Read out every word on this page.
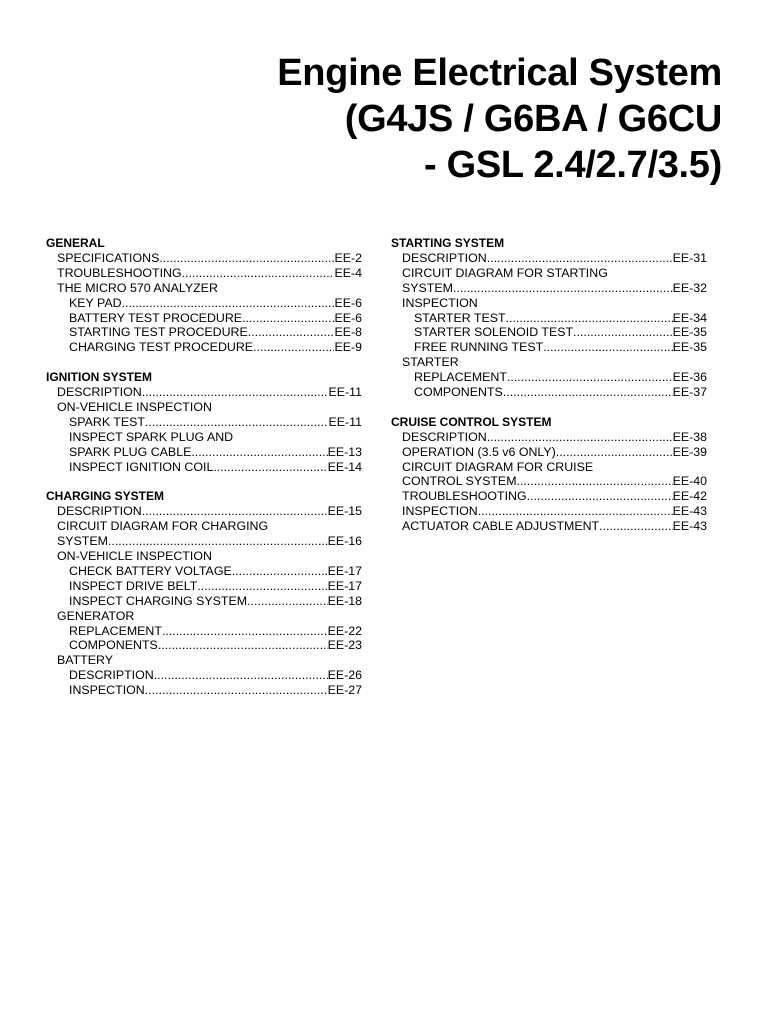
Engine Electrical System
(G4JS / G6BA / G6CU
- GSL 2.4/2.7/3.5)
GENERAL
SPECIFICATIONS .....	EE-2
TROUBLESHOOTING .....	EE-4
THE MICRO 570 ANALYZER
KEY PAD .....	EE-6
BATTERY TEST PROCEDURE .....	EE-6
STARTING TEST PROCEDURE .....	EE-8
CHARGING TEST PROCEDURE .....	EE-9
IGNITION SYSTEM
DESCRIPTION .....	EE-11
ON-VEHICLE INSPECTION
SPARK TEST .....	EE-11
INSPECT SPARK PLUG AND
SPARK PLUG CABLE .....	EE-13
INSPECT IGNITION COIL .....	EE-14
CHARGING SYSTEM
DESCRIPTION .....	EE-15
CIRCUIT DIAGRAM FOR CHARGING
SYSTEM .....	EE-16
ON-VEHICLE INSPECTION
CHECK BATTERY VOLTAGE .....	EE-17
INSPECT DRIVE BELT .....	EE-17
INSPECT CHARGING SYSTEM .....	EE-18
GENERATOR
REPLACEMENT .....	EE-22
COMPONENTS .....	EE-23
BATTERY
DESCRIPTION .....	EE-26
INSPECTION .....	EE-27
STARTING SYSTEM
DESCRIPTION .....	EE-31
CIRCUIT DIAGRAM FOR STARTING
SYSTEM .....	EE-32
INSPECTION
STARTER TEST .....	EE-34
STARTER SOLENOID TEST .....	EE-35
FREE RUNNING TEST .....	EE-35
STARTER
REPLACEMENT .....	EE-36
COMPONENTS .....	EE-37
CRUISE CONTROL SYSTEM
DESCRIPTION .....	EE-38
OPERATION (3.5 v6 ONLY) .....	EE-39
CIRCUIT DIAGRAM FOR CRUISE
CONTROL SYSTEM .....	EE-40
TROUBLESHOOTING .....	EE-42
INSPECTION .....	EE-43
ACTUATOR CABLE ADJUSTMENT .....	EE-43
